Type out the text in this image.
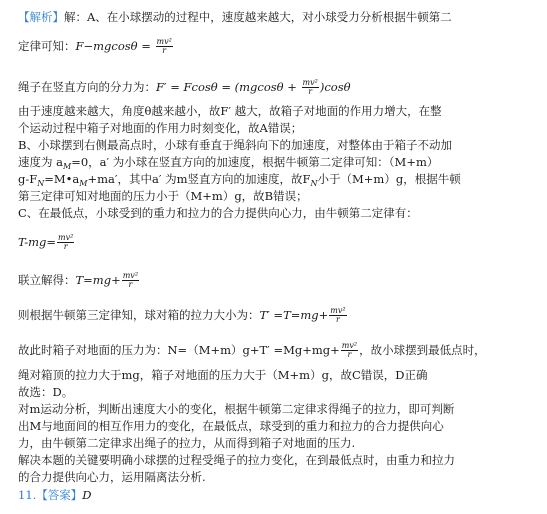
【解析】解：A、在小球摆动的过程中，速度越来越大，对小球受力分析根据牛顿第二
定律可知：$F-mgcos\theta = \frac{\text{mv²}}{r}$
绳子在竖直方向的分力为：$F' = Fcos\theta = (mgcos\theta + \frac{\text{mv²}}{r} )\cos\theta$
由于速度越来越大，角度θ越来越小，故F′ 越大，故箱子对地面的作用力增大，在整
个运动过程中箱子对地面的作用力时刻变化，故A错误；
B、小球摆到右侧最高点时，小球有垂直于绳斜向下的加速度，对整体由于箱子不动加
速度为 $a_M=0$，a′ 为小球在竖直方向的加速度，根据牛顿第二定律可知：（M+m）
$g-F_N=M•a_M+ma'$，其中a′ 为m竖直方向的加速度，故$F_N$小于（M+m）g，根据牛顿
第三定律可知对地面的压力小于（M+m）g，故B错误；
C、在最低点，小球受到的重力和拉力的合力提供向心力，由牛顿第二定律有：
$T-mg= \frac{\text{mv²}}{r}$
联立解得：$T=mg+ \frac{\text{mv²}}{r}$
则根据牛顿第三定律知，球对箱的拉力大小为：$T' =T=mg+ \frac{\text{mv²}}{r}$
故此时箱子对地面的压力为：$N=(M+m)g+T' =Mg+mg+ \frac{\text{mv²}}{r}$ ，故小球摆到最低点时，
绳对箱顶的拉力大于mg，箱子对地面的压力大于（M+m）g，故C错误，D正确
故选：D。
对m运动分析，判断出速度大小的变化，根据牛顿第二定律求得绳子的拉力，即可判断
出M与地面间的相互作用力的变化，在最低点，球受到的重力和拉力的合力提供向心
力，由牛顿第二定律求出绳子的拉力，从而得到箱子对地面的压力.
解决本题的关键要明确小球摆的过程受绳子的拉力变化，在到最低点时，由重力和拉力
的合力提供向心力，运用隔离法分析.
11.【答案】D
